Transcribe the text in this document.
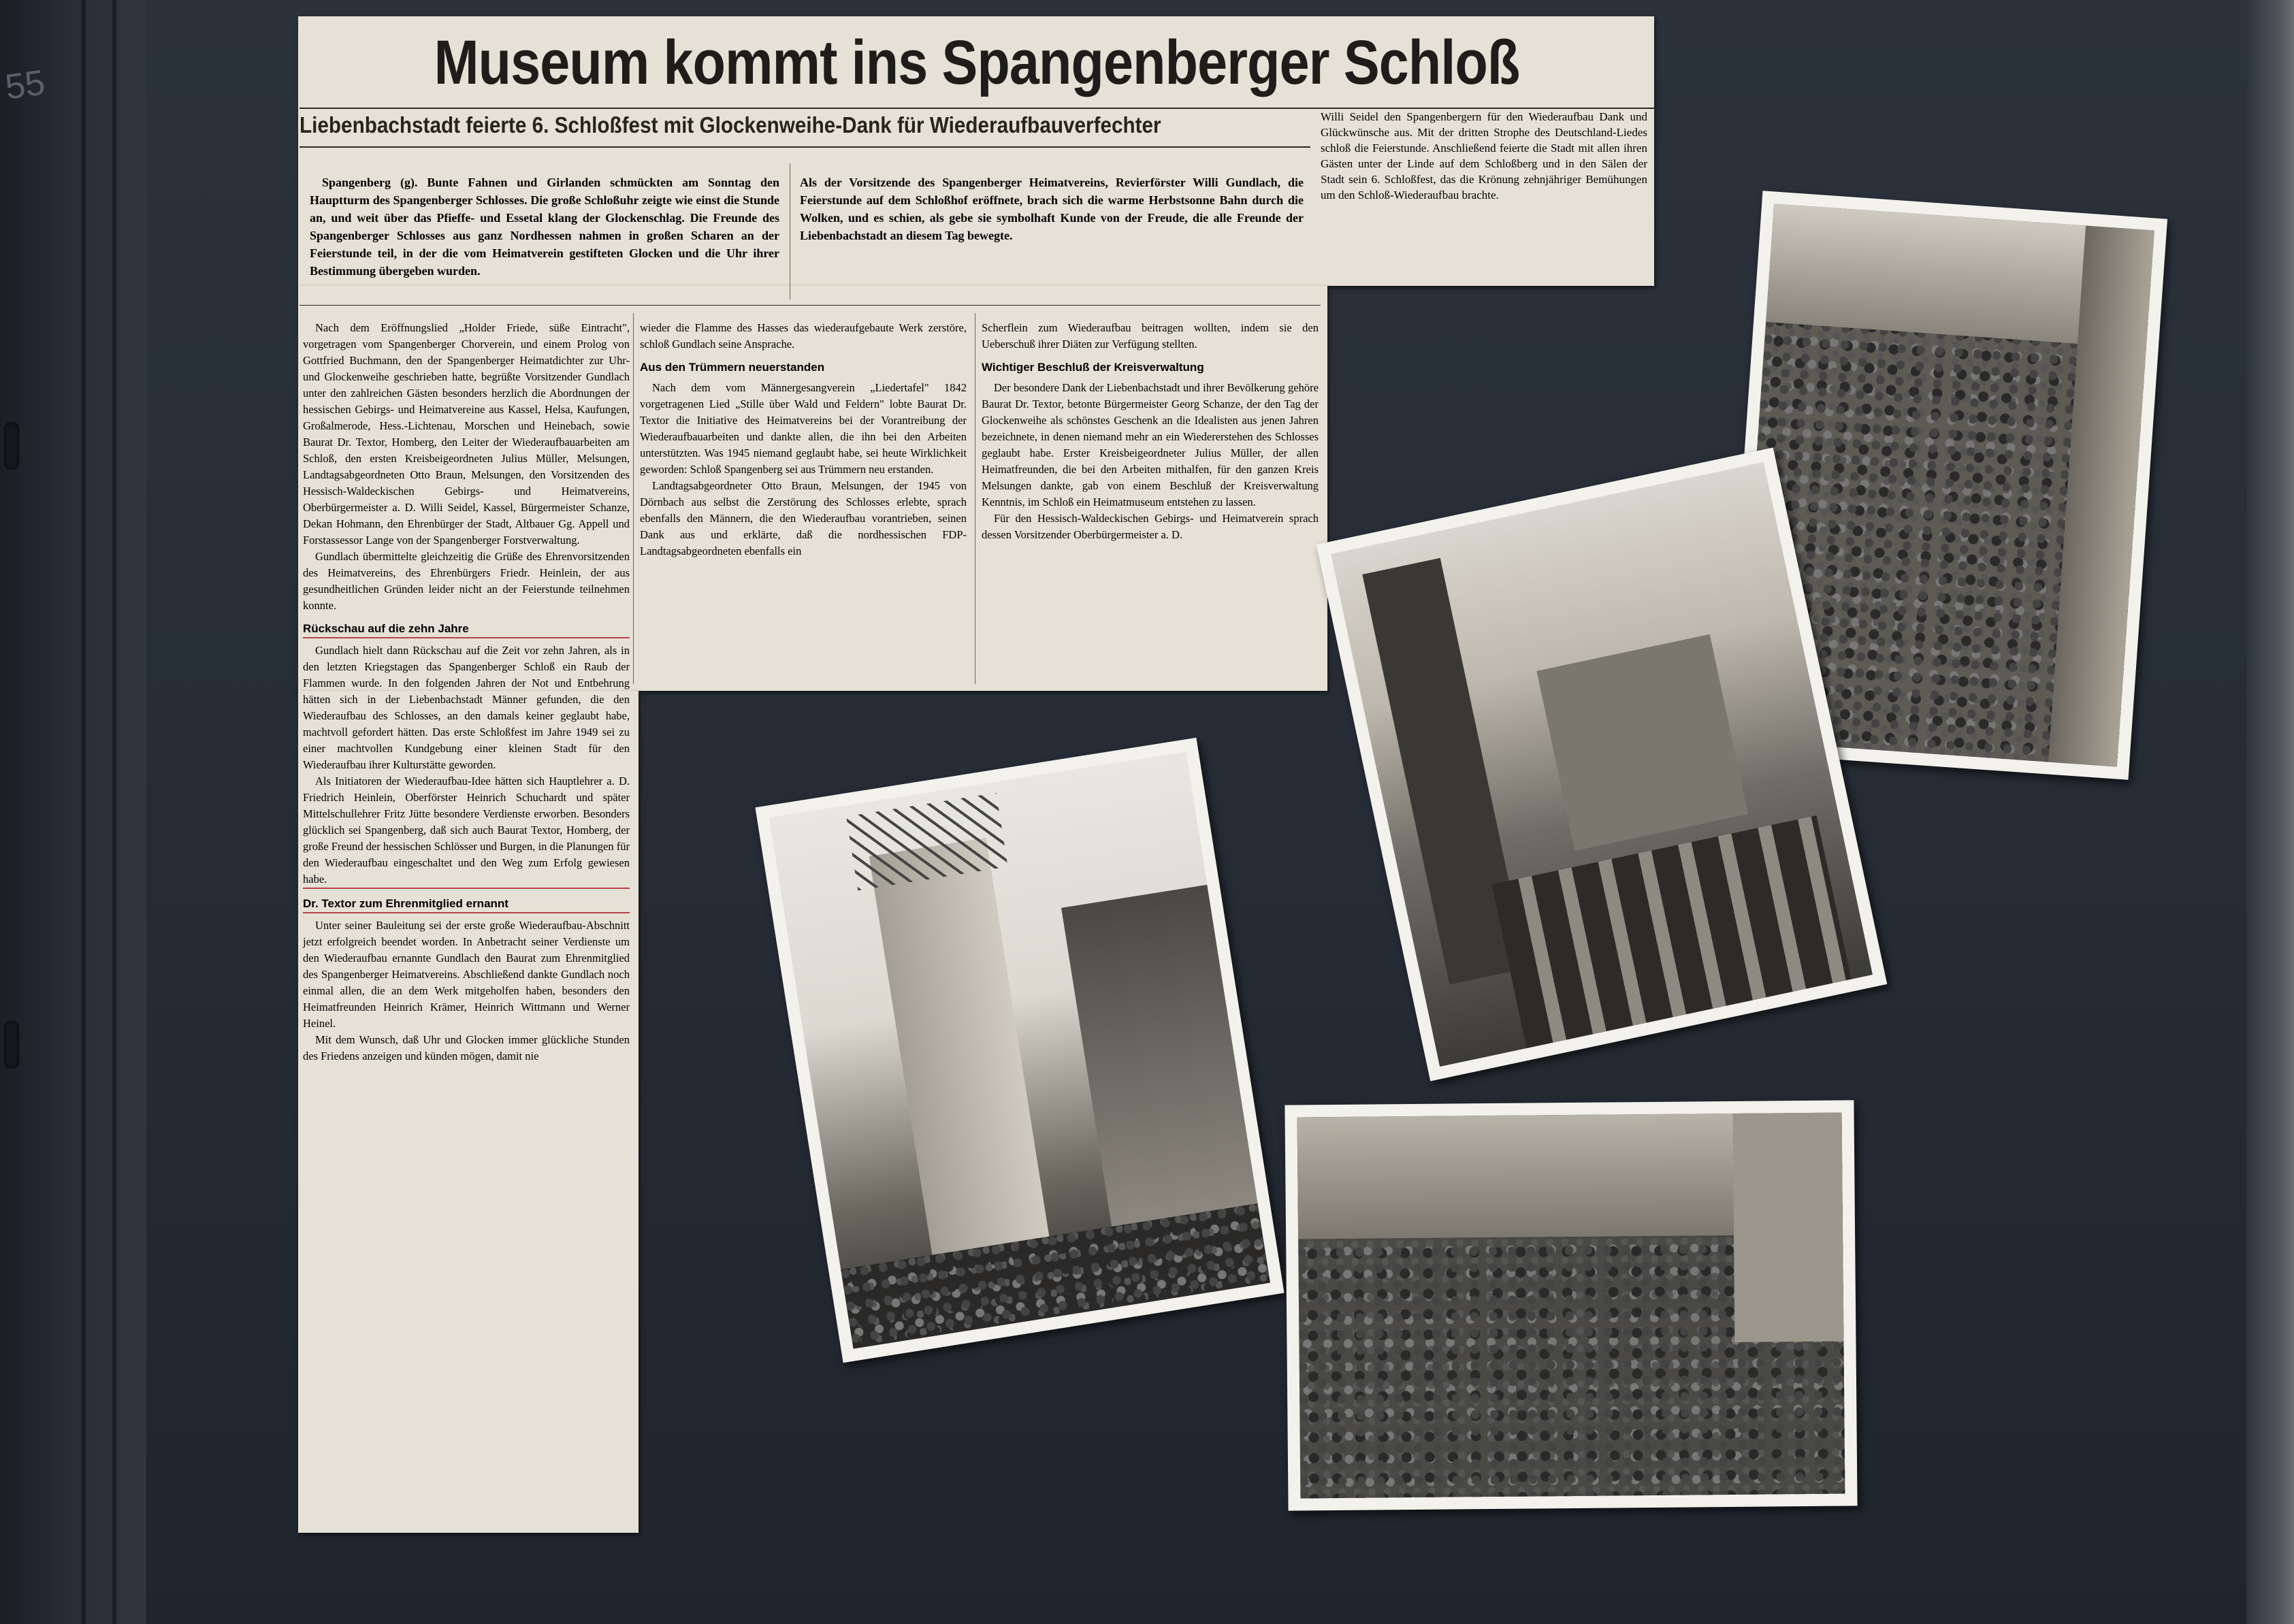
55	Museum kommt ins Spangenberger Schloß
Liebenbachstadt feierte 6. Schloßfest mit Glockenweihe-Dank für Wiederaufbauverfechter

Spangenberg (g). Bunte Fahnen und Girlanden schmückten am Sonntag den Hauptturm des Spangenberger Schlosses. Die große Schloßuhr zeigte wie einst die Stunde an, und weit über das Pfieffe- und Essetal klang der Glockenschlag. Die Freunde des Spangenberger Schlosses aus ganz Nordhessen nahmen in großen Scharen an der Feierstunde teil, in der die vom Heimatverein gestifteten Glocken und die Uhr ihrer Bestimmung übergeben wurden.

Als der Vorsitzende des Spangenberger Heimatvereins, Revierförster Willi Gundlach, die Feierstunde auf dem Schloßhof eröffnete, brach sich die warme Herbstsonne Bahn durch die Wolken, und es schien, als gebe sie symbolhaft Kunde von der Freude, die alle Freunde der Liebenbachstadt an diesem Tag bewegte.

Willi Seidel den Spangenbergern für den Wiederaufbau Dank und Glückwünsche aus. Mit der dritten Strophe des Deutschland-Liedes schloß die Feierstunde. Anschließend feierte die Stadt mit allen ihren Gästen unter der Linde auf dem Schloßberg und in den Sälen der Stadt sein 6. Schloßfest, das die Krönung zehnjähriger Bemühungen um den Schloß-Wiederaufbau brachte.

Nach dem Eröffnungslied „Holder Friede, süße Eintracht", vorgetragen vom Spangenberger Chorverein, und einem Prolog von Gottfried Buchmann, den der Spangenberger Heimatdichter zur Uhr- und Glockenweihe geschrieben hatte, begrüßte Vorsitzender Gundlach unter den zahlreichen Gästen besonders herzlich die Abordnungen der hessischen Gebirgs- und Heimatvereine aus Kassel, Helsa, Kaufungen, Großalmerode, Hess.-Lichtenau, Morschen und Heinebach, sowie Baurat Dr. Textor, Homberg, den Leiter der Wiederaufbauarbeiten am Schloß, den ersten Kreisbeigeordneten Julius Müller, Melsungen, Landtagsabgeordneten Otto Braun, Melsungen, den Vorsitzenden des Hessisch-Waldeckischen Gebirgs- und Heimatvereins, Oberbürgermeister a. D. Willi Seidel, Kassel, Bürgermeister Schanze, Dekan Hohmann, den Ehrenbürger der Stadt, Altbauer Gg. Appell und Forstassessor Lange von der Spangenberger Forstverwaltung.

Gundlach übermittelte gleichzeitig die Grüße des Ehrenvorsitzenden des Heimatvereins, des Ehrenbürgers Friedr. Heinlein, der aus gesundheitlichen Gründen leider nicht an der Feierstunde teilnehmen konnte.

Rückschau auf die zehn Jahre

Gundlach hielt dann Rückschau auf die Zeit vor zehn Jahren, als in den letzten Kriegstagen das Spangenberger Schloß ein Raub der Flammen wurde. In den folgenden Jahren der Not und Entbehrung hätten sich in der Liebenbachstadt Männer gefunden, die den Wiederaufbau des Schlosses, an den damals keiner geglaubt habe, machtvoll gefordert hätten. Das erste Schloßfest im Jahre 1949 sei zu einer machtvollen Kundgebung einer kleinen Stadt für den Wiederaufbau ihrer Kulturstätte geworden.

Als Initiatoren der Wiederaufbau-Idee hätten sich Hauptlehrer a. D. Friedrich Heinlein, Oberförster Heinrich Schuchardt und später Mittelschullehrer Fritz Jütte besondere Verdienste erworben. Besonders glücklich sei Spangenberg, daß sich auch Baurat Textor, Homberg, der große Freund der hessischen Schlösser und Burgen, in die Planungen für den Wiederaufbau eingeschaltet und den Weg zum Erfolg gewiesen habe.

Dr. Textor zum Ehrenmitglied ernannt

Unter seiner Bauleitung sei der erste große Wiederaufbau-Abschnitt jetzt erfolgreich beendet worden. In Anbetracht seiner Verdienste um den Wiederaufbau ernannte Gundlach den Baurat zum Ehrenmitglied des Spangenberger Heimatvereins. Abschließend dankte Gundlach noch einmal allen, die an dem Werk mitgeholfen haben, besonders den Heimatfreunden Heinrich Krämer, Heinrich Wittmann und Werner Heinel.

Mit dem Wunsch, daß Uhr und Glocken immer glückliche Stunden des Friedens anzeigen und künden mögen, damit nie

wieder die Flamme des Hasses das wiederaufgebaute Werk zerstöre, schloß Gundlach seine Ansprache.

Aus den Trümmern neuerstanden

Nach dem vom Männergesangverein „Liedertafel" 1842 vorgetragenen Lied „Stille über Wald und Feldern" lobte Baurat Dr. Textor die Initiative des Heimatvereins bei der Vorantreibung der Wiederaufbauarbeiten und dankte allen, die ihn bei den Arbeiten unterstützten. Was 1945 niemand geglaubt habe, sei heute Wirklichkeit geworden: Schloß Spangenberg sei aus Trümmern neu erstanden.

Landtagsabgeordneter Otto Braun, Melsungen, der 1945 von Dörnbach aus selbst die Zerstörung des Schlosses erlebte, sprach ebenfalls den Männern, die den Wiederaufbau vorantrieben, seinen Dank aus und erklärte, daß die nordhessischen FDP-Landtagsabgeordneten ebenfalls ein

Scherflein zum Wiederaufbau beitragen wollten, indem sie den Ueberschuß ihrer Diäten zur Verfügung stellten.

Wichtiger Beschluß der Kreisverwaltung

Der besondere Dank der Liebenbachstadt und ihrer Bevölkerung gehöre Baurat Dr. Textor, betonte Bürgermeister Georg Schanze, der den Tag der Glockenweihe als schönstes Geschenk an die Idealisten aus jenen Jahren bezeichnete, in denen niemand mehr an ein Wiedererstehen des Schlosses geglaubt habe. Erster Kreisbeigeordneter Julius Müller, der allen Heimatfreunden, die bei den Arbeiten mithalfen, für den ganzen Kreis Melsungen dankte, gab von einem Beschluß der Kreisverwaltung Kenntnis, im Schloß ein Heimatmuseum entstehen zu lassen.

Für den Hessisch-Waldeckischen Gebirgs- und Heimatverein sprach dessen Vorsitzender Oberbürgermeister a. D.
